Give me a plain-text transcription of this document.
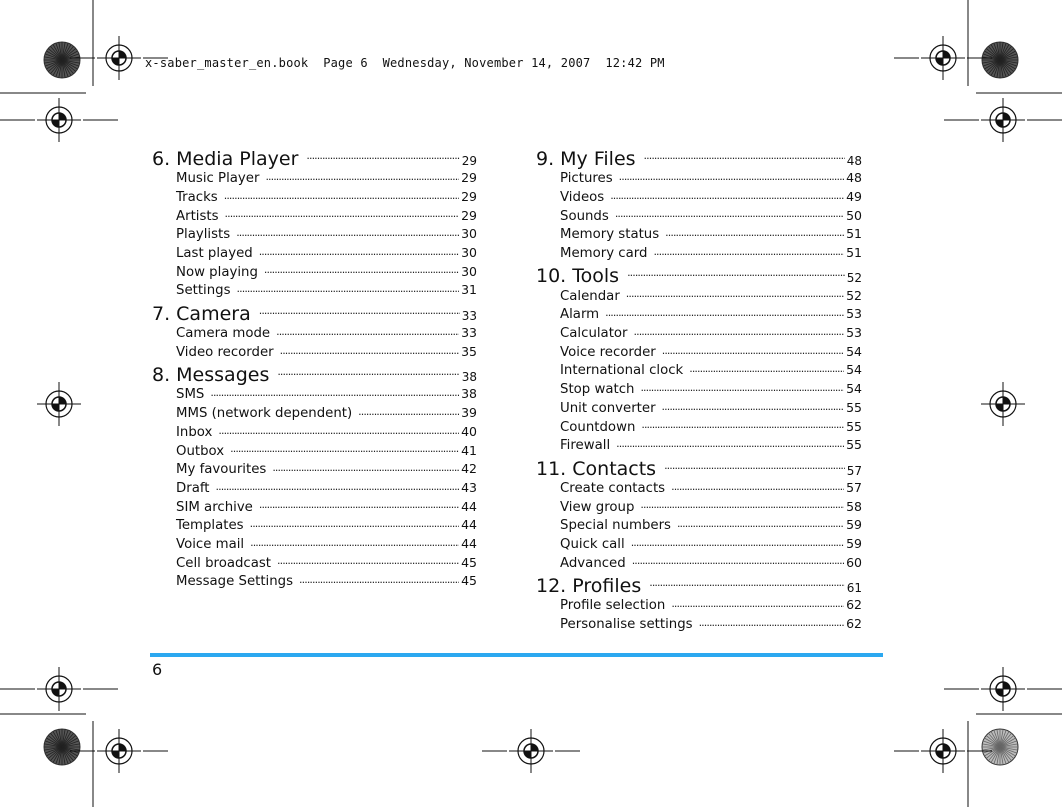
x-saber_master_en.book  Page 6  Wednesday, November 14, 2007  12:42 PM
6. Media Player . . .	29
Music Player . . .	29
Tracks . . .	29
Artists . . .	29
Playlists . . .	30
Last played . . .	30
Now playing . . .	30
Settings . . .	31
7. Camera . . .	33
Camera mode . . .	33
Video recorder . . .	35
8. Messages . . .	38
SMS . . .	38
MMS (network dependent) . . .	39
Inbox . . .	40
Outbox . . .	41
My favourites . . .	42
Draft . . .	43
SIM archive . . .	44
Templates . . .	44
Voice mail . . .	44
Cell broadcast . . .	45
Message Settings . . .	45
9. My Files . . .	48
Pictures . . .	48
Videos . . .	49
Sounds . . .	50
Memory status . . .	51
Memory card . . .	51
10. Tools . . .	52
Calendar . . .	52
Alarm . . .	53
Calculator . . .	53
Voice recorder . . .	54
International clock . . .	54
Stop watch . . .	54
Unit converter . . .	55
Countdown . . .	55
Firewall . . .	55
11. Contacts . . .	57
Create contacts . . .	57
View group . . .	58
Special numbers . . .	59
Quick call . . .	59
Advanced . . .	60
12. Profiles . . .	61
Profile selection . . .	62
Personalise settings . . .	62
6
